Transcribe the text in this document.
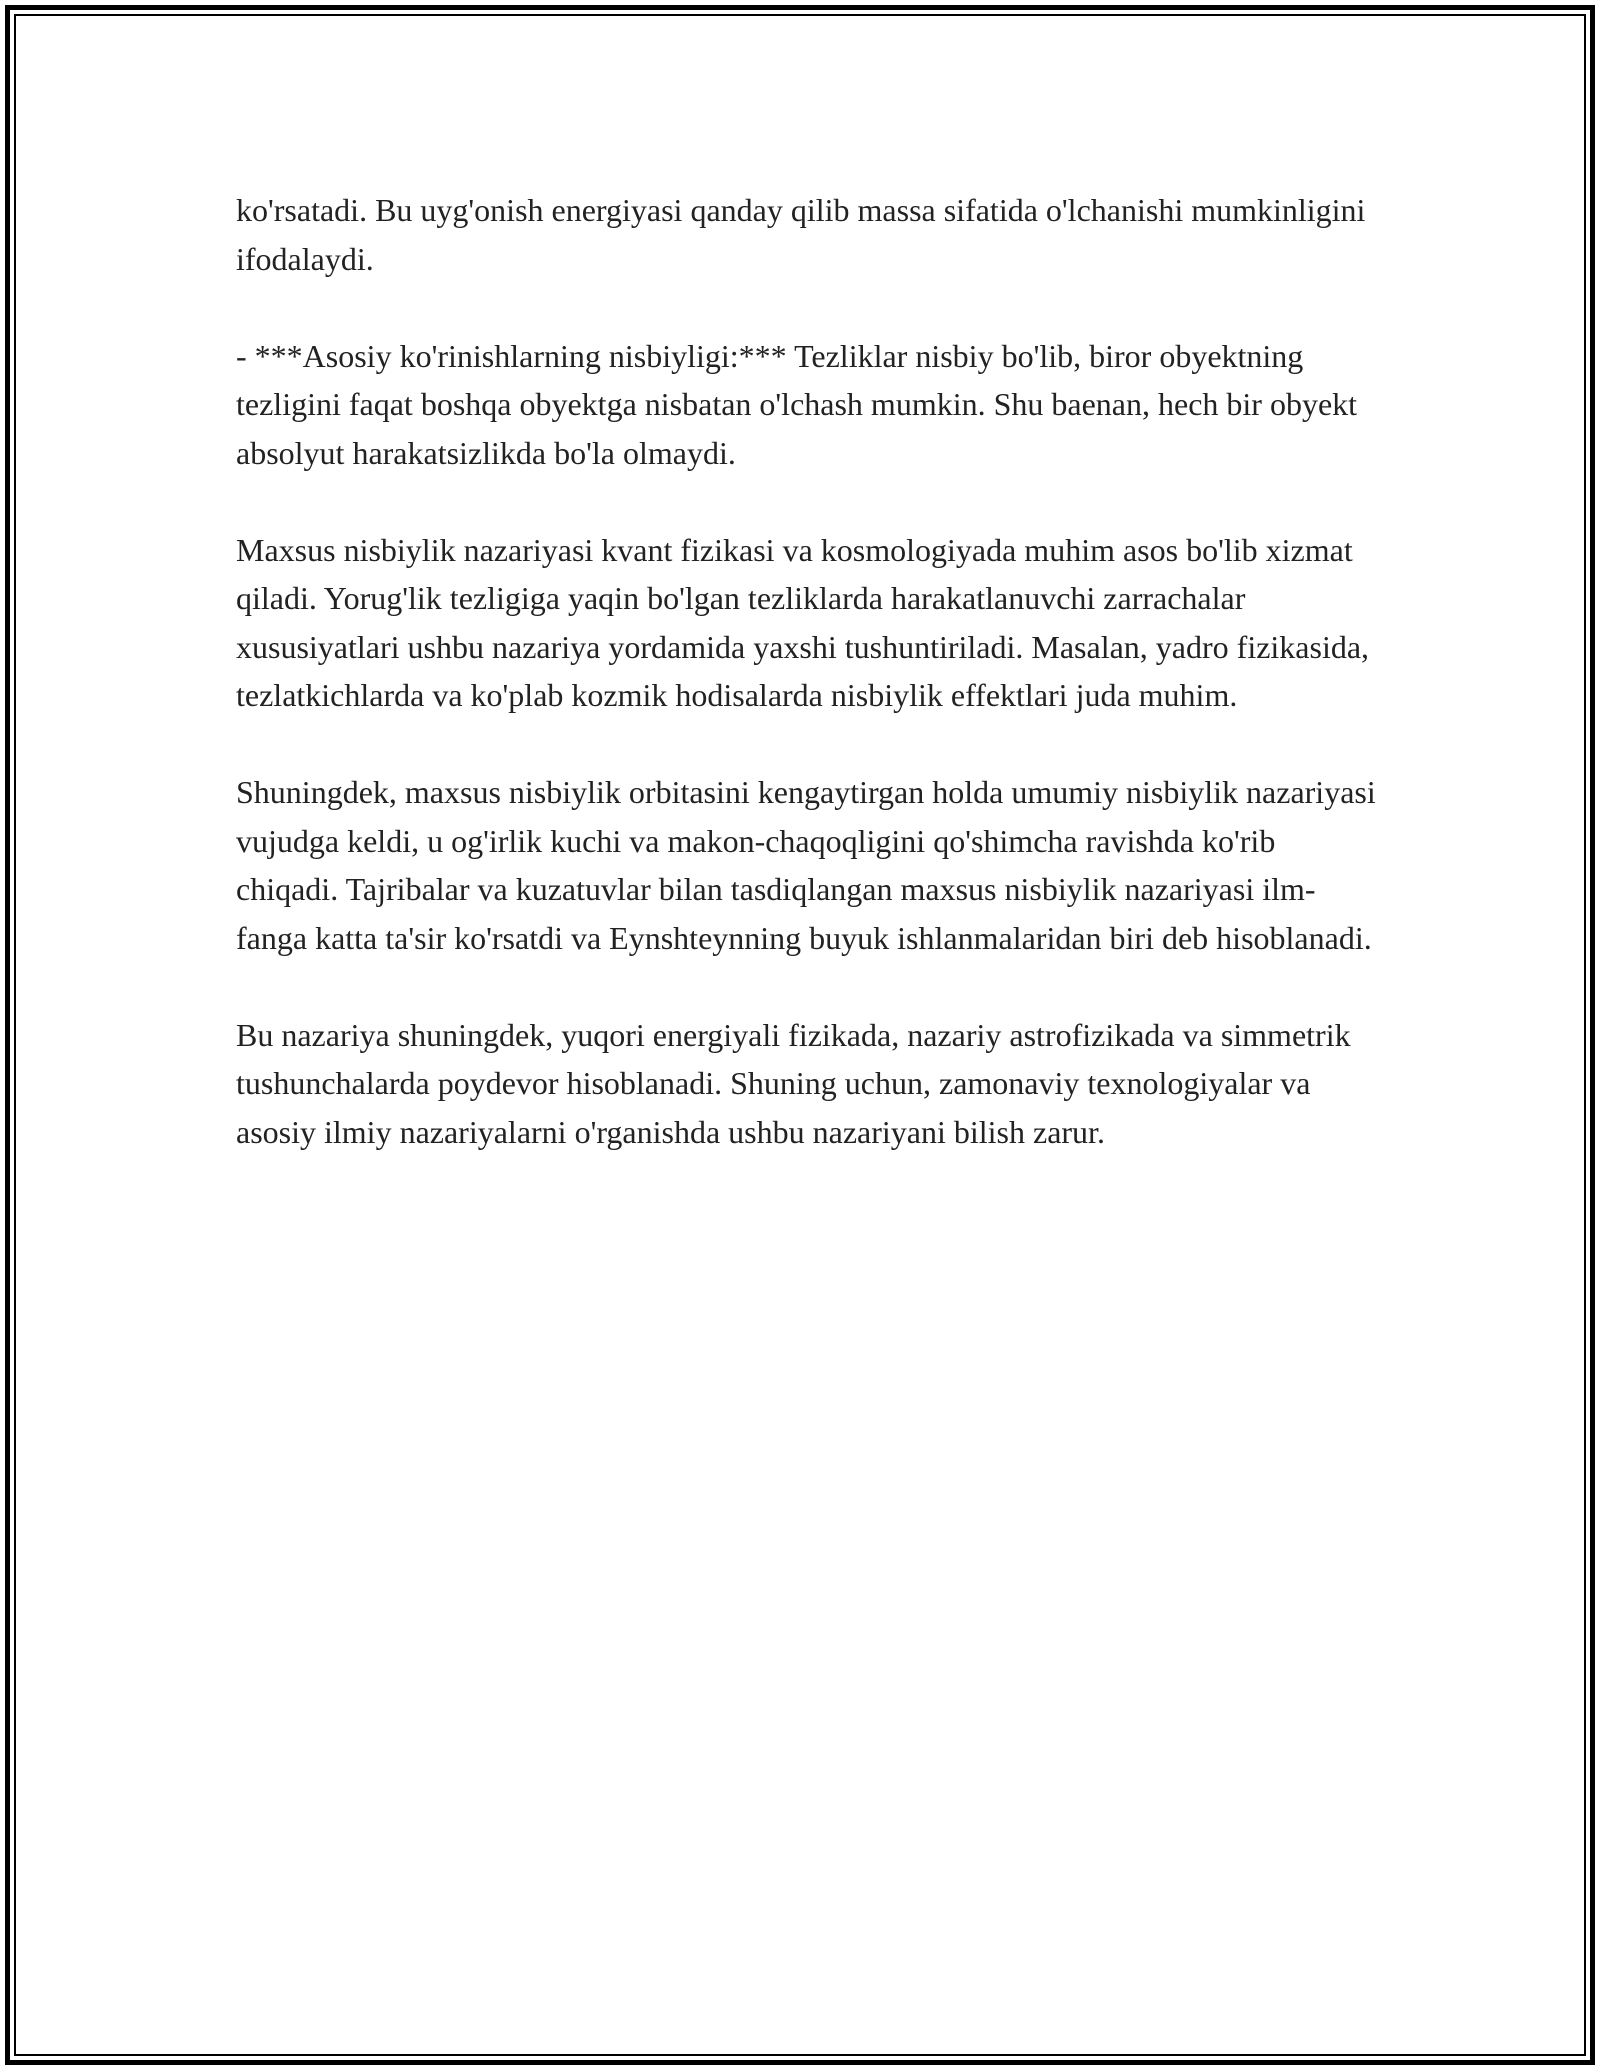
ko'rsatadi. Bu uyg'onish energiyasi qanday qilib massa sifatida o'lchanishi mumkinligini ifodalaydi.

- ***Asosiy ko'rinishlarning nisbiyligi:*** Tezliklar nisbiy bo'lib, biror obyektning tezligini faqat boshqa obyektga nisbatan o'lchash mumkin. Shu baenan, hech bir obyekt absolyut harakatsizlikda bo'la olmaydi.

Maxsus nisbiylik nazariyasi kvant fizikasi va kosmologiyada muhim asos bo'lib xizmat qiladi. Yorug'lik tezligiga yaqin bo'lgan tezliklarda harakatlanuvchi zarrachalar xususiyatlari ushbu nazariya yordamida yaxshi tushuntiriladi. Masalan, yadro fizikasida, tezlatkichlarda va ko'plab kozmik hodisalarda nisbiylik effektlari juda muhim.

Shuningdek, maxsus nisbiylik orbitasini kengaytirgan holda umumiy nisbiylik nazariyasi vujudga keldi, u og'irlik kuchi va makon-chaqoqligini qo'shimcha ravishda ko'rib chiqadi. Tajribalar va kuzatuvlar bilan tasdiqlangan maxsus nisbiylik nazariyasi ilm-fanga katta ta'sir ko'rsatdi va Eynshteynning buyuk ishlanmalaridan biri deb hisoblanadi.

Bu nazariya shuningdek, yuqori energiyali fizikada, nazariy astrofizikada va simmetrik tushunchalarda poydevor hisoblanadi. Shuning uchun, zamonaviy texnologiyalar va asosiy ilmiy nazariyalarni o'rganishda ushbu nazariyani bilish zarur.
